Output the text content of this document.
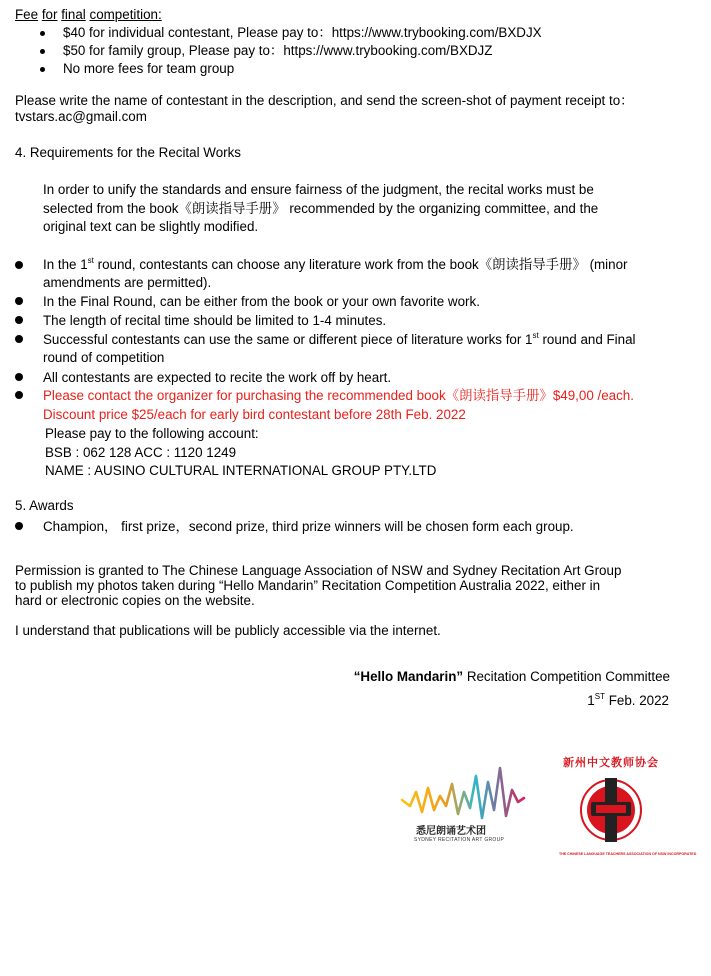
Fee for final competition:
$40 for individual contestant, Please pay to：https://www.trybooking.com/BXDJX
$50 for family group, Please pay to：https://www.trybooking.com/BXDJZ
No more fees for team group
Please write the name of contestant in the description, and send the screen-shot of payment receipt to：
tvstars.ac@gmail.com
4. Requirements for the Recital Works
In order to unify the standards and ensure fairness of the judgment, the recital works must be
selected from the book《朗读指导手册》 recommended by the organizing committee, and the
original text can be slightly modified.
In the 1st round, contestants can choose any literature work from the book《朗读指导手册》 (minor
amendments are permitted).
In the Final Round, can be either from the book or your own favorite work.
The length of recital time should be limited to 1-4 minutes.
Successful contestants can use the same or different piece of literature works for 1st round and Final
round of competition
All contestants are expected to recite the work off by heart.
Please contact the organizer for purchasing the recommended book《朗读指导手册》$49,00 /each.
Discount price $25/each for early bird contestant before 28th Feb. 2022
Please pay to the following account:
BSB : 062 128 ACC : 1120 1249
NAME : AUSINO CULTURAL INTERNATIONAL GROUP PTY.LTD
5. Awards
Champion， first prize，second prize, third prize winners will be chosen form each group.
Permission is granted to The Chinese Language Association of NSW and Sydney Recitation Art Group
to publish my photos taken during “Hello Mandarin” Recitation Competition Australia 2022, either in
hard or electronic copies on the website.
I understand that publications will be publicly accessible via the internet.
“Hello Mandarin” Recitation Competition Committee
1ST Feb. 2022
悉尼朗诵艺术团
SYDNEY RECITATION ART GROUP
新州中文教师协会
THE CHINESE LANGUAGE TEACHERS ASSOCIATION OF NSW INCORPORATED
